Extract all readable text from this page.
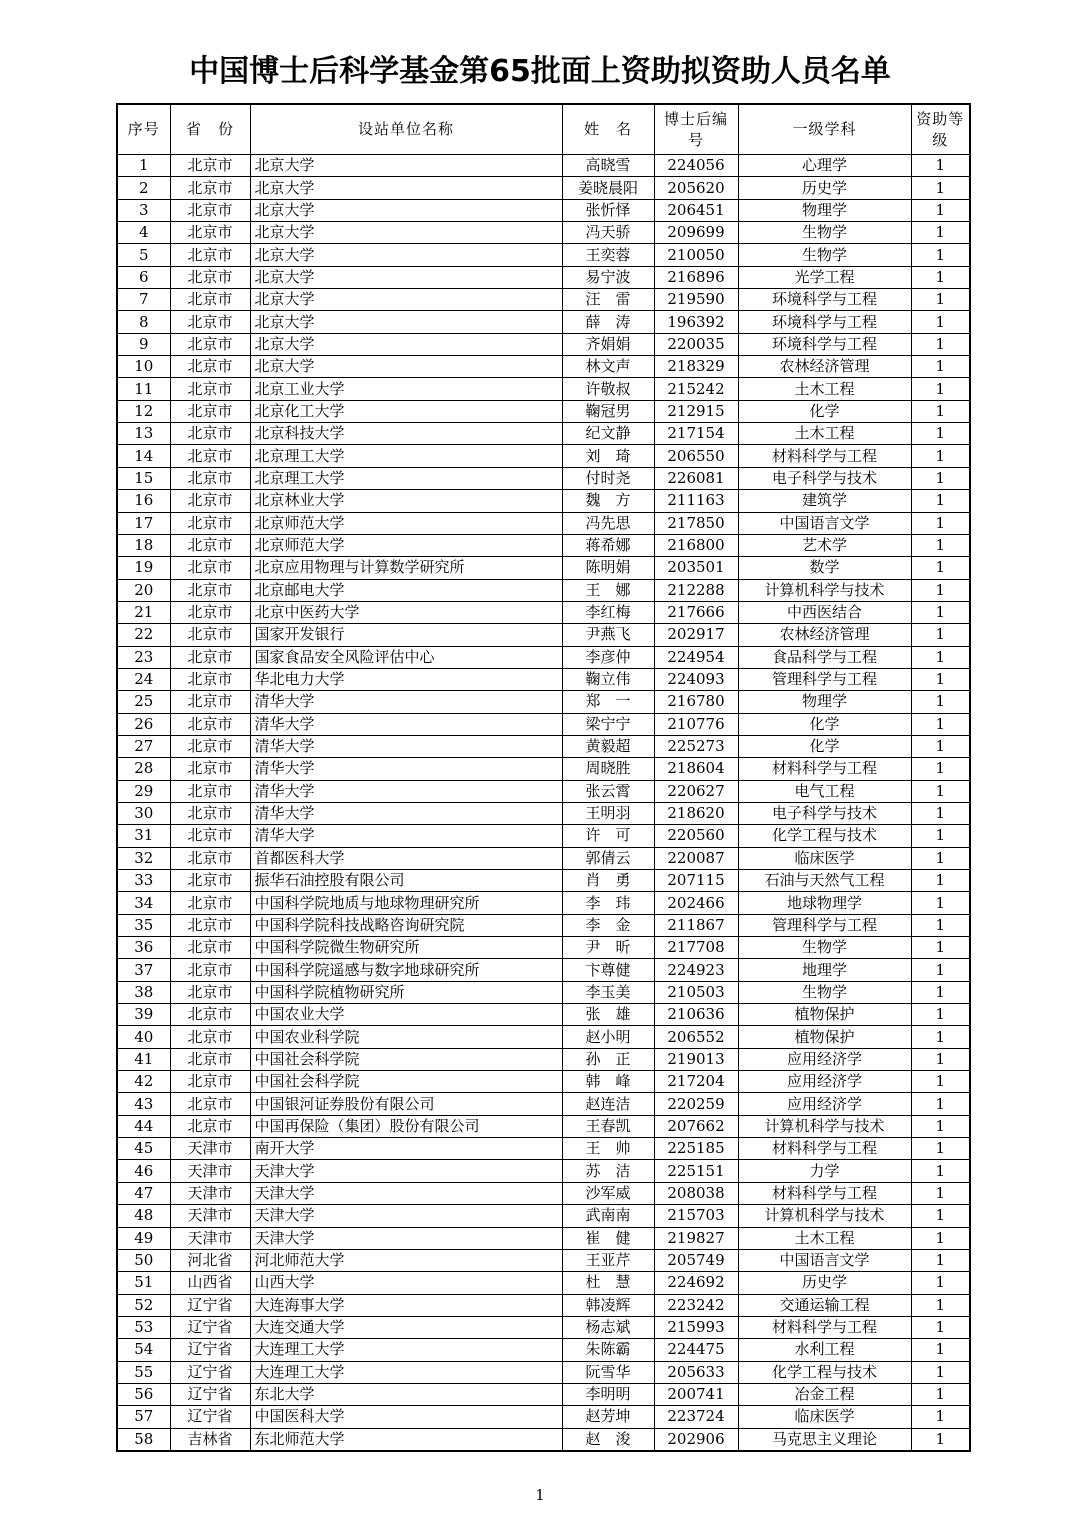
中国博士后科学基金第65批面上资助拟资助人员名单
序号	省　份	设站单位名称	姓　名	博士后编　号	一级学科	资助等级
1	北京市	北京大学	高晓雪	224056	心理学	1
2	北京市	北京大学	姜晓晨阳	205620	历史学	1
3	北京市	北京大学	张忻怿	206451	物理学	1
4	北京市	北京大学	冯天骄	209699	生物学	1
5	北京市	北京大学	王奕蓉	210050	生物学	1
6	北京市	北京大学	易宁波	216896	光学工程	1
7	北京市	北京大学	汪　雷	219590	环境科学与工程	1
8	北京市	北京大学	薛　涛	196392	环境科学与工程	1
9	北京市	北京大学	齐娟娟	220035	环境科学与工程	1
10	北京市	北京大学	林文声	218329	农林经济管理	1
11	北京市	北京工业大学	许敬叔	215242	土木工程	1
12	北京市	北京化工大学	鞠冠男	212915	化学	1
13	北京市	北京科技大学	纪文静	217154	土木工程	1
14	北京市	北京理工大学	刘　琦	206550	材料科学与工程	1
15	北京市	北京理工大学	付时尧	226081	电子科学与技术	1
16	北京市	北京林业大学	魏　方	211163	建筑学	1
17	北京市	北京师范大学	冯先思	217850	中国语言文学	1
18	北京市	北京师范大学	蒋希娜	216800	艺术学	1
19	北京市	北京应用物理与计算数学研究所	陈明娟	203501	数学	1
20	北京市	北京邮电大学	王　娜	212288	计算机科学与技术	1
21	北京市	北京中医药大学	李红梅	217666	中西医结合	1
22	北京市	国家开发银行	尹燕飞	202917	农林经济管理	1
23	北京市	国家食品安全风险评估中心	李彦仲	224954	食品科学与工程	1
24	北京市	华北电力大学	鞠立伟	224093	管理科学与工程	1
25	北京市	清华大学	郑　一	216780	物理学	1
26	北京市	清华大学	梁宁宁	210776	化学	1
27	北京市	清华大学	黄毅超	225273	化学	1
28	北京市	清华大学	周晓胜	218604	材料科学与工程	1
29	北京市	清华大学	张云霄	220627	电气工程	1
30	北京市	清华大学	王明羽	218620	电子科学与技术	1
31	北京市	清华大学	许　可	220560	化学工程与技术	1
32	北京市	首都医科大学	郭倩云	220087	临床医学	1
33	北京市	振华石油控股有限公司	肖　勇	207115	石油与天然气工程	1
34	北京市	中国科学院地质与地球物理研究所	李　玮	202466	地球物理学	1
35	北京市	中国科学院科技战略咨询研究院	李　金	211867	管理科学与工程	1
36	北京市	中国科学院微生物研究所	尹　昕	217708	生物学	1
37	北京市	中国科学院遥感与数字地球研究所	卞尊健	224923	地理学	1
38	北京市	中国科学院植物研究所	李玉美	210503	生物学	1
39	北京市	中国农业大学	张　雄	210636	植物保护	1
40	北京市	中国农业科学院	赵小明	206552	植物保护	1
41	北京市	中国社会科学院	孙　正	219013	应用经济学	1
42	北京市	中国社会科学院	韩　峰	217204	应用经济学	1
43	北京市	中国银河证券股份有限公司	赵连洁	220259	应用经济学	1
44	北京市	中国再保险（集团）股份有限公司	王春凯	207662	计算机科学与技术	1
45	天津市	南开大学	王　帅	225185	材料科学与工程	1
46	天津市	天津大学	苏　洁	225151	力学	1
47	天津市	天津大学	沙军威	208038	材料科学与工程	1
48	天津市	天津大学	武南南	215703	计算机科学与技术	1
49	天津市	天津大学	崔　健	219827	土木工程	1
50	河北省	河北师范大学	王亚芹	205749	中国语言文学	1
51	山西省	山西大学	杜　慧	224692	历史学	1
52	辽宁省	大连海事大学	韩凌辉	223242	交通运输工程	1
53	辽宁省	大连交通大学	杨志斌	215993	材料科学与工程	1
54	辽宁省	大连理工大学	朱陈霸	224475	水利工程	1
55	辽宁省	大连理工大学	阮雪华	205633	化学工程与技术	1
56	辽宁省	东北大学	李明明	200741	冶金工程	1
57	辽宁省	中国医科大学	赵芳坤	223724	临床医学	1
58	吉林省	东北师范大学	赵　浚	202906	马克思主义理论	1
1
